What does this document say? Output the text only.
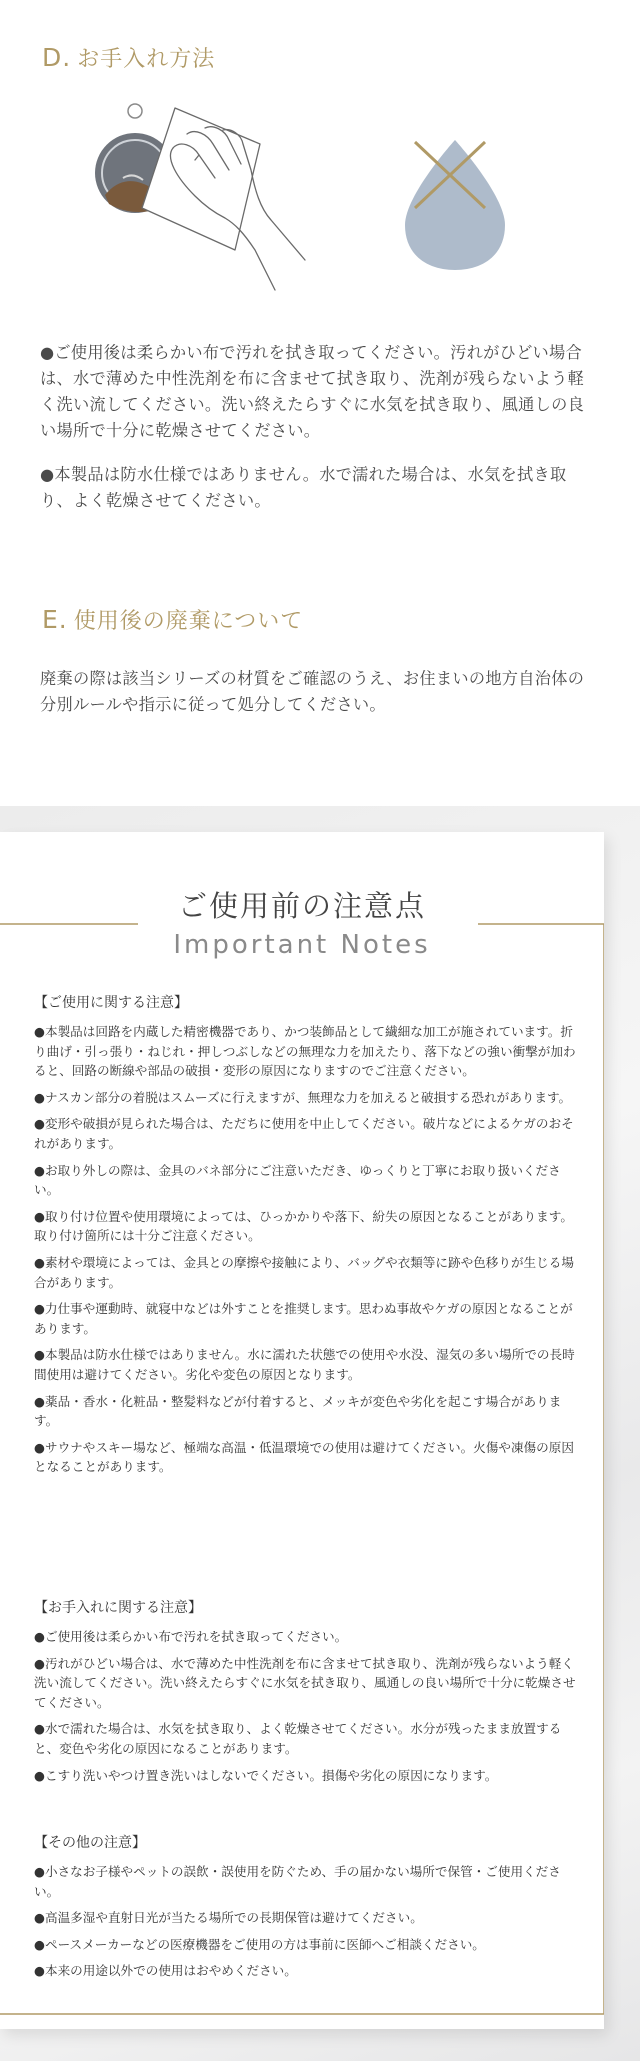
D. お手入れ方法

●ご使用後は柔らかい布で汚れを拭き取ってください。汚れがひどい場合は、水で薄めた中性洗剤を布に含ませて拭き取り、洗剤が残らないよう軽く洗い流してください。洗い終えたらすぐに水気を拭き取り、風通しの良い場所で十分に乾燥させてください。

●本製品は防水仕様ではありません。水で濡れた場合は、水気を拭き取り、よく乾燥させてください。

E. 使用後の廃棄について

廃棄の際は該当シリーズの材質をご確認のうえ、お住まいの地方自治体の分別ルールや指示に従って処分してください。

ご使用前の注意点
Important Notes
【ご使用に関する注意】

●本製品は回路を内蔵した精密機器であり、かつ装飾品として繊細な加工が施されています。折り曲げ・引っ張り・ねじれ・押しつぶしなどの無理な力を加えたり、落下などの強い衝撃が加わると、回路の断線や部品の破損・変形の原因になりますのでご注意ください。

●ナスカン部分の着脱はスムーズに行えますが、無理な力を加えると破損する恐れがあります。

●変形や破損が見られた場合は、ただちに使用を中止してください。破片などによるケガのおそれがあります。

●お取り外しの際は、金具のバネ部分にご注意いただき、ゆっくりと丁寧にお取り扱いください。

●取り付け位置や使用環境によっては、ひっかかりや落下、紛失の原因となることがあります。取り付け箇所には十分ご注意ください。

●素材や環境によっては、金具との摩擦や接触により、バッグや衣類等に跡や色移りが生じる場合があります。

●力仕事や運動時、就寝中などは外すことを推奨します。思わぬ事故やケガの原因となることがあります。

●本製品は防水仕様ではありません。水に濡れた状態での使用や水没、湿気の多い場所での長時間使用は避けてください。劣化や変色の原因となります。

●薬品・香水・化粧品・整髪料などが付着すると、メッキが変色や劣化を起こす場合があります。

●サウナやスキー場など、極端な高温・低温環境での使用は避けてください。火傷や凍傷の原因となることがあります。

【お手入れに関する注意】

●ご使用後は柔らかい布で汚れを拭き取ってください。

●汚れがひどい場合は、水で薄めた中性洗剤を布に含ませて拭き取り、洗剤が残らないよう軽く洗い流してください。洗い終えたらすぐに水気を拭き取り、風通しの良い場所で十分に乾燥させてください。

●水で濡れた場合は、水気を拭き取り、よく乾燥させてください。水分が残ったまま放置すると、変色や劣化の原因になることがあります。

●こすり洗いやつけ置き洗いはしないでください。損傷や劣化の原因になります。

【その他の注意】

●小さなお子様やペットの誤飲・誤使用を防ぐため、手の届かない場所で保管・ご使用ください。

●高温多湿や直射日光が当たる場所での長期保管は避けてください。

●ペースメーカーなどの医療機器をご使用の方は事前に医師へご相談ください。

●本来の用途以外での使用はおやめください。
